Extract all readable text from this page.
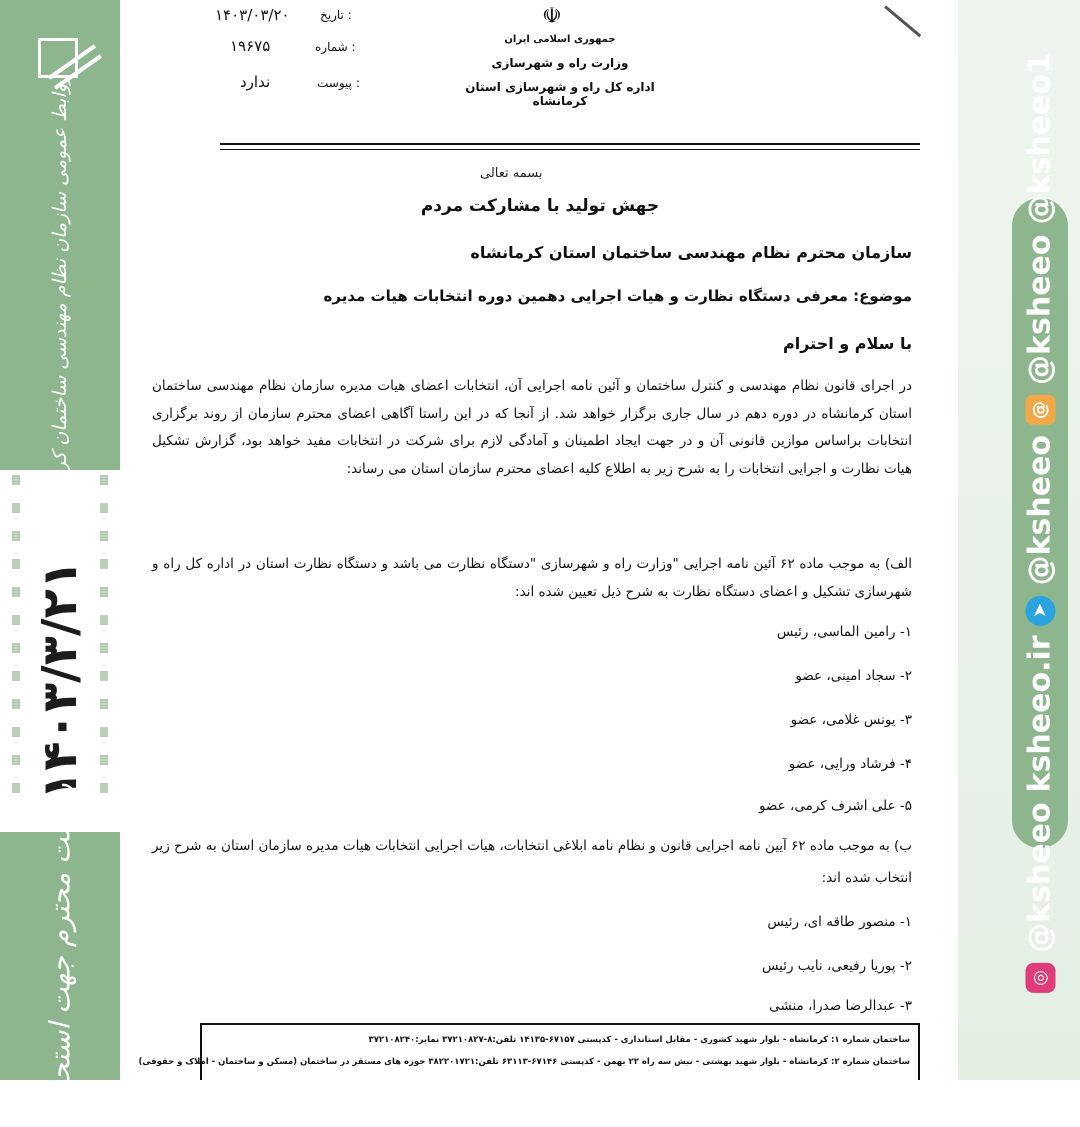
روابط عمومی سازمان نظام مهندسی ساختمان کرمانشاه
۱۴۰۳/۳/۲۱
ریاست محترم جهت استحضار	◎
@ksheeo
ksheeo.ir
➤
@ksheeo
@
@ksheeo
@ksheeo1
تاریخ :
۱۴۰۳/۰۳/۲۰
شماره :
۱۹۶۷۵
پیوست :
ندارد
☫
جمهوری اسلامی ایران
وزارت راه و شهرسازی
اداره کل راه و شهرسازی استان کرمانشاه
بسمه تعالی
جهش تولید با مشارکت مردم
سازمان محترم نظام مهندسی ساختمان استان کرمانشاه
موضوع: معرفی دستگاه نظارت و هیات اجرایی دهمین دوره انتخابات هیات مدیره
با سلام و احترام
در اجرای قانون نظام مهندسی و کنترل ساختمان و آئین نامه اجرایی آن، انتخابات اعضای هیات مدیره سازمان نظام مهندسی ساختمان استان کرمانشاه در دوره دهم در سال جاری برگزار خواهد شد. از آنجا که در این راستا آگاهی اعضای محترم سازمان از روند برگزاری انتخابات براساس موازین قانونی آن و در جهت ایجاد اطمینان و آمادگی لازم برای شرکت در انتخابات مفید خواهد بود، گزارش تشکیل هیات نظارت و اجرایی انتخابات را به شرح زیر به اطلاع کلیه اعضای محترم سازمان استان می رساند:
الف) به موجب ماده ۶۲ آئین نامه اجرایی "وزارت راه و شهرسازی "دستگاه نظارت می باشد و دستگاه نظارت استان در اداره کل راه و شهرسازی تشکیل و اعضای دستگاه نظارت به شرح ذیل تعیین شده اند:
۱- رامین الماسی، رئیس
۲- سجاد امینی، عضو
۳- یونس غلامی، عضو
۴- فرشاد ورایی، عضو
۵- علی اشرف کرمی، عضو
ب) به موجب ماده ۶۲ آیین نامه اجرایی قانون و نظام نامه ابلاغی انتخابات، هیات اجرایی انتخابات هیات مدیره سازمان استان به شرح زیر انتخاب شده اند:
۱- منصور طاقه ای، رئیس
۲- پوریا رفیعی، نایب رئیس
۳- عبدالرضا صدرا، منشی
ساختمان شماره ۱: کرمانشاه - بلوار شهید کشوری - مقابل استانداری - کدپستی ۶۷۱۵۷-۱۴۱۳۵ تلفن:۸-۳۷۲۱۰۸۲۷ نمابر:۳۷۲۱۰۸۲۴۰
ساختمان شماره ۲: کرمانشاه - بلوار شهید بهشتی - نبش سه راه ۲۲ بهمن - کدپستی ۶۷۱۴۶-۶۳۱۱۳ تلفن:۳۸۲۲۰۱۷۲۱ حوزه های مستقر در ساختمان (مسکن و ساختمان - املاک و حقوقی)
